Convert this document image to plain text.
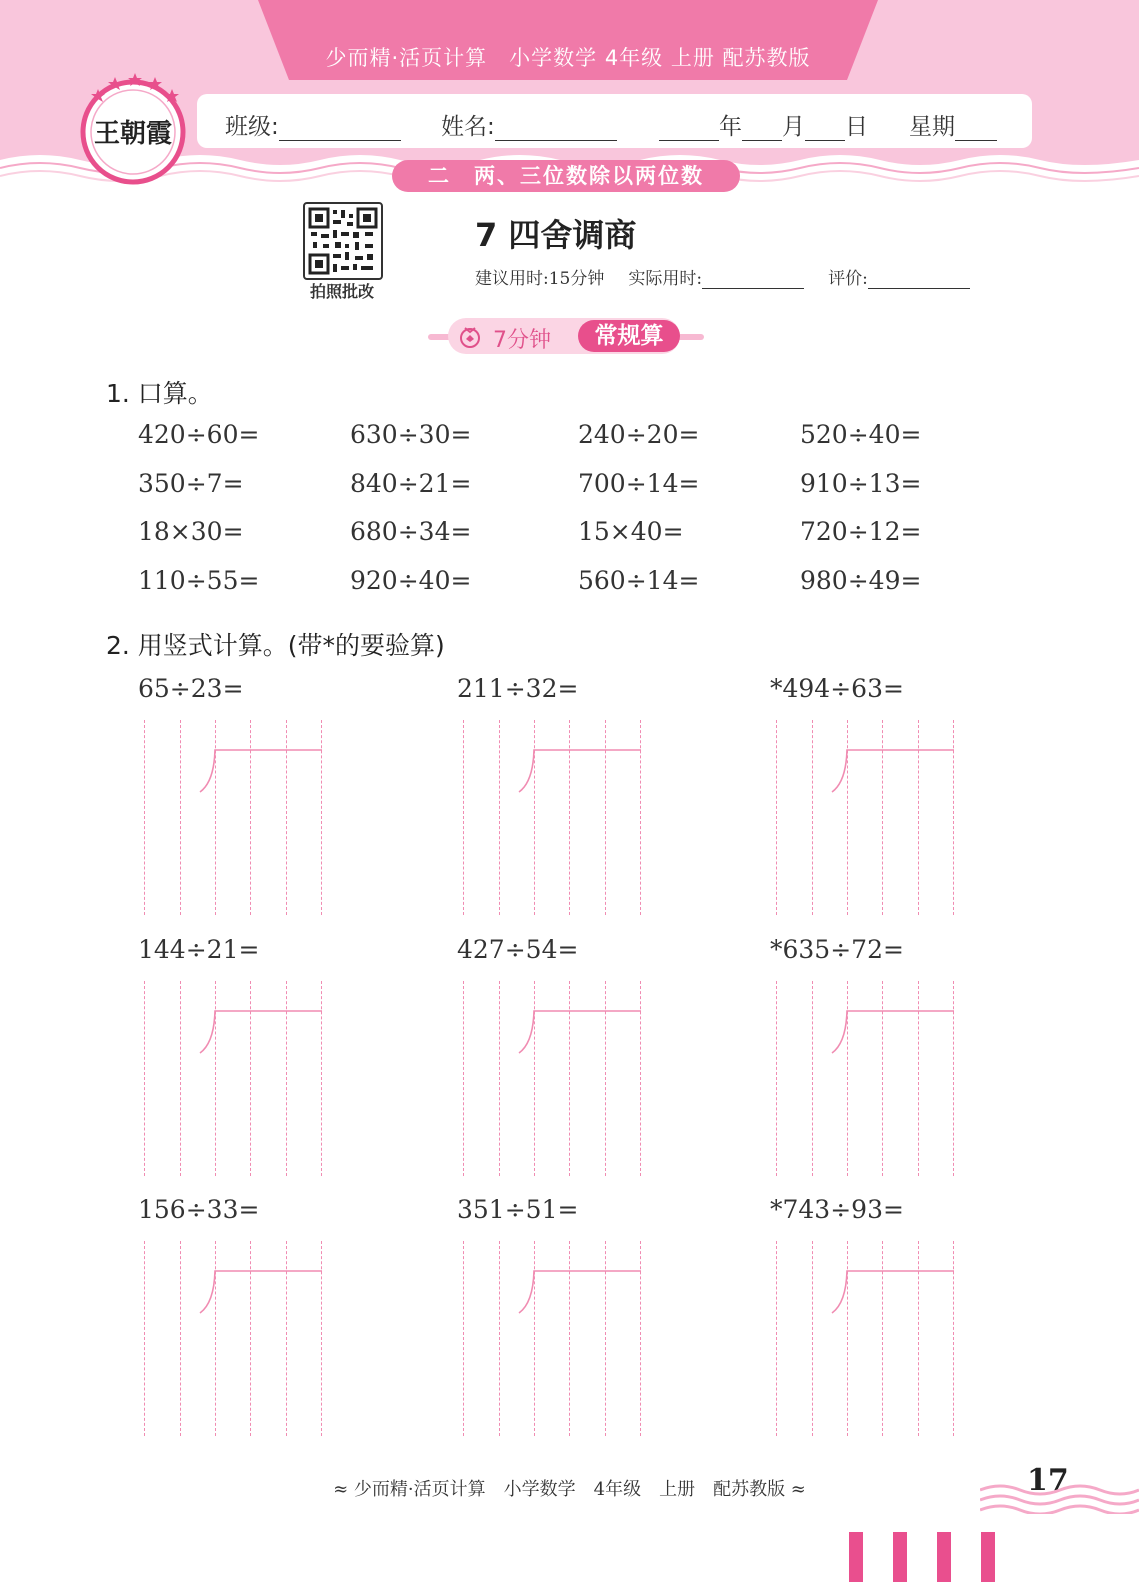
少而精·活页计算　小学数学 4年级 上册 配苏教版
王朝霞 班级:	姓名:	年 月 日 星期
二　两、三位数除以两位数
拍照批改
7 四舍调商
建议用时:15分钟 实际用时:	评价:
7分钟	常规算
1. 口算。
420÷60=	630÷30=	240÷20=	520÷40=
350÷7=	840÷21=	700÷14=	910÷13=
18×30=	680÷34=	15×40=	720÷12=
110÷55=	920÷40=	560÷14=	980÷49=
2. 用竖式计算。(带*的要验算)
65÷23=	211÷32=	*494÷63=
144÷21=	427÷54=	*635÷72=
156÷33=	351÷51=	*743÷93=
≈ 少而精·活页计算　小学数学　4年级　上册　配苏教版 ≈	17
